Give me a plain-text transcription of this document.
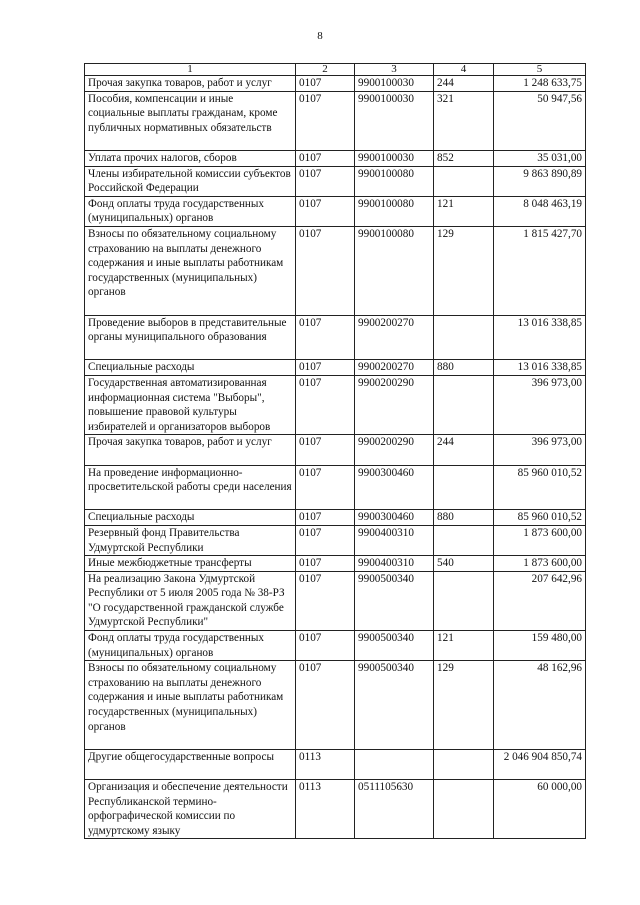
8
1	2	3	4	5
Прочая закупка товаров, работ и услуг	0107	9900100030	244	1 248 633,75
Пособия, компенсации и иные социальные выплаты гражданам, кроме публичных нормативных обязательств	0107	9900100030	321	50 947,56
Уплата прочих налогов, сборов	0107	9900100030	852	35 031,00
Члены избирательной комиссии субъектов Российской Федерации	0107	9900100080		9 863 890,89
Фонд оплаты труда государственных (муниципальных) органов	0107	9900100080	121	8 048 463,19
Взносы по обязательному социальному страхованию на выплаты денежного содержания и иные выплаты работникам государственных (муниципальных) органов	0107	9900100080	129	1 815 427,70
Проведение выборов в представительные органы муниципального образования	0107	9900200270		13 016 338,85
Специальные расходы	0107	9900200270	880	13 016 338,85
Государственная автоматизированная информационная система "Выборы", повышение правовой культуры избирателей и организаторов выборов	0107	9900200290		396 973,00
Прочая закупка товаров, работ и услуг	0107	9900200290	244	396 973,00
На проведение информационно-просветительской работы среди населения	0107	9900300460		85 960 010,52
Специальные расходы	0107	9900300460	880	85 960 010,52
Резервный фонд Правительства Удмуртской Республики	0107	9900400310		1 873 600,00
Иные межбюджетные трансферты	0107	9900400310	540	1 873 600,00
На реализацию Закона Удмуртской Республики от 5 июля 2005 года № 38-РЗ "О государственной гражданской службе Удмуртской Республики"	0107	9900500340		207 642,96
Фонд оплаты труда государственных (муниципальных) органов	0107	9900500340	121	159 480,00
Взносы по обязательному социальному страхованию на выплаты денежного содержания и иные выплаты работникам государственных (муниципальных) органов	0107	9900500340	129	48 162,96
Другие общегосударственные вопросы	0113			2 046 904 850,74
Организация и обеспечение деятельности Республиканской термино-орфографической комиссии по удмуртскому языку	0113	0511105630		60 000,00
